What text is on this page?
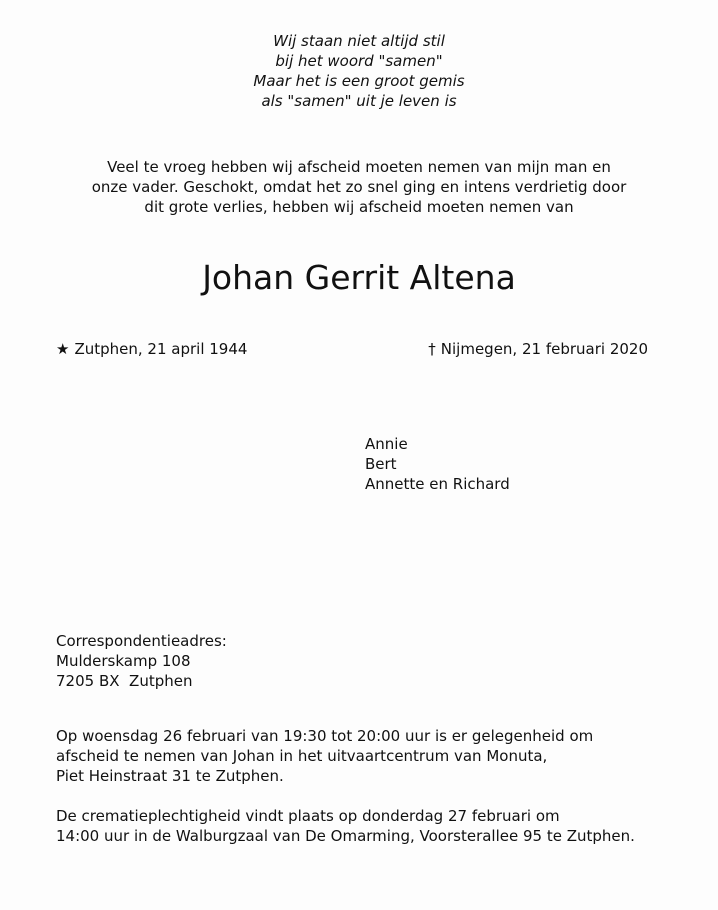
Wij staan niet altijd stil
bij het woord "samen"
Maar het is een groot gemis
als "samen" uit je leven is
Veel te vroeg hebben wij afscheid moeten nemen van mijn man en
onze vader. Geschokt, omdat het zo snel ging en intens verdrietig door
dit grote verlies, hebben wij afscheid moeten nemen van
Johan Gerrit Altena
★ Zutphen, 21 april 1944	† Nijmegen, 21 februari 2020
Annie
Bert
Annette en Richard
Correspondentieadres:
Mulderskamp 108
7205 BX  Zutphen
Op woensdag 26 februari van 19:30 tot 20:00 uur is er gelegenheid om
afscheid te nemen van Johan in het uitvaartcentrum van Monuta,
Piet Heinstraat 31 te Zutphen.
De crematieplechtigheid vindt plaats op donderdag 27 februari om
14:00 uur in de Walburgzaal van De Omarming, Voorsterallee 95 te Zutphen.
